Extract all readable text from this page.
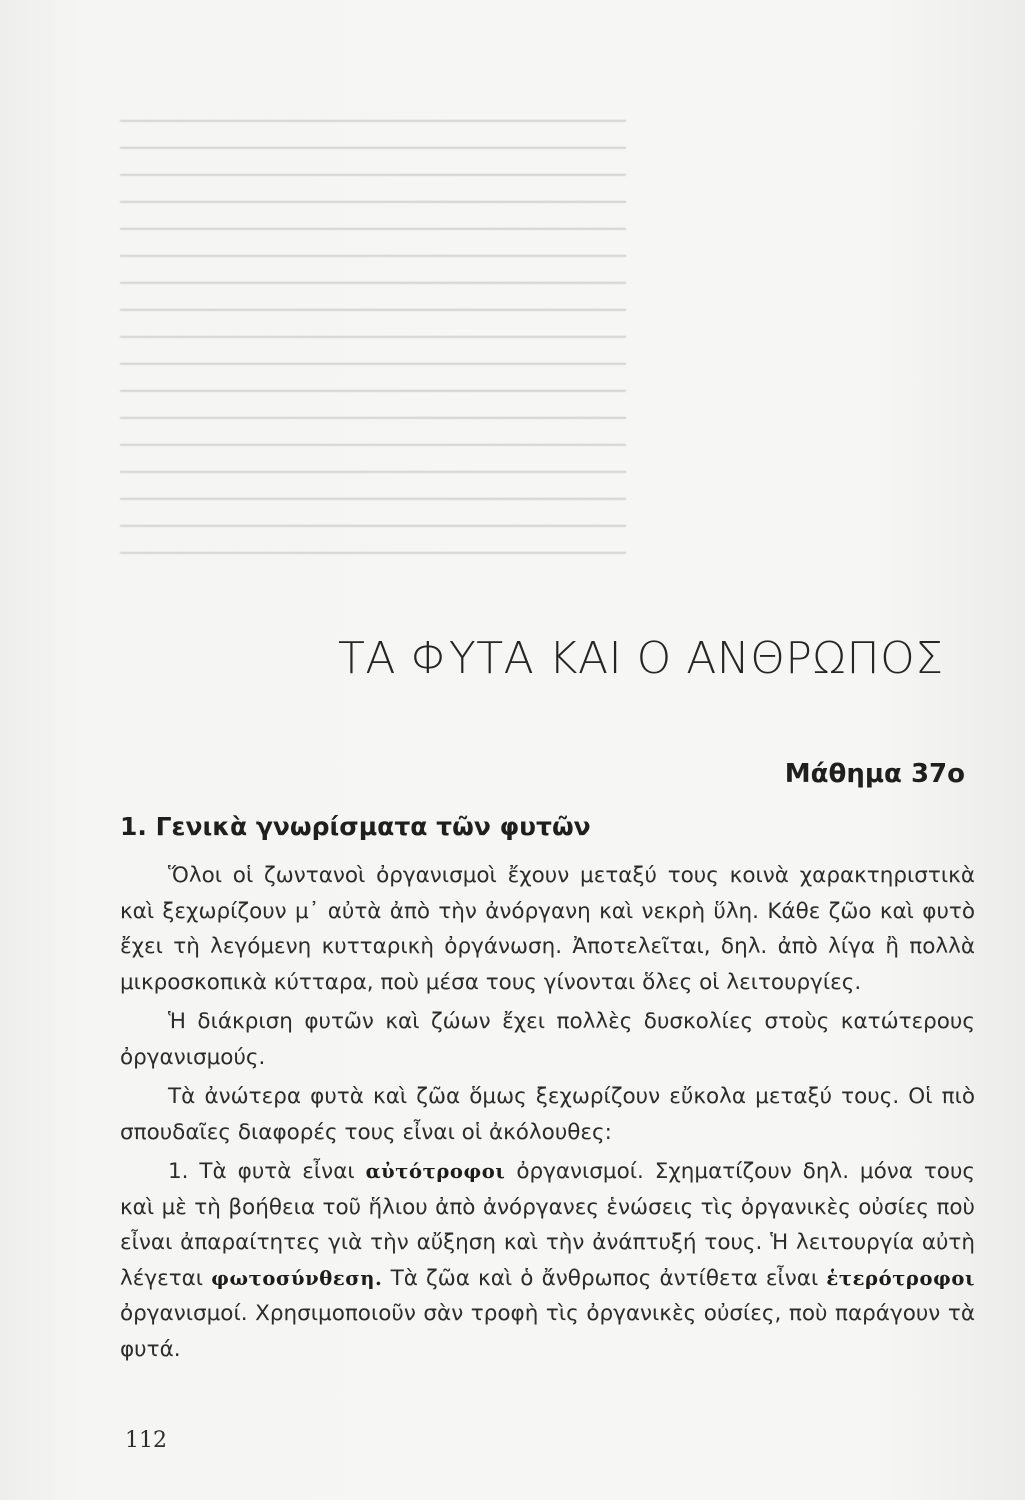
────────────────────────────────────────
────────────────────────────────────────
────────────────────────────────────────
────────────────────────────────────────
────────────────────────────────────────
────────────────────────────────────────
────────────────────────────────────────
────────────────────────────────────────
────────────────────────────────────────
────────────────────────────────────────
────────────────────────────────────────
────────────────────────────────────────
────────────────────────────────────────
────────────────────────────────────────
────────────────────────────────────────
────────────────────────────────────────
────────────────────────────────────────
ΤΑ ΦΥΤΑ ΚΑΙ Ο ΑΝΘΡΩΠΟΣ
Μάθημα 37ο
1. Γενικὰ γνωρίσματα τῶν φυτῶν

Ὅλοι οἱ ζωντανοὶ ὀργανισμοὶ ἔχουν μεταξύ τους κοινὰ χαρακτηριστικὰ καὶ ξεχωρίζουν μ᾽ αὐτὰ ἀπὸ τὴν ἀνόργανη καὶ νεκρὴ ὕλη. Κάθε ζῶο καὶ φυτὸ ἔχει τὴ λεγόμενη κυτταρικὴ ὀργάνωση. Ἀποτελεῖται, δηλ. ἀπὸ λίγα ἢ πολλὰ μικροσκοπικὰ κύτταρα, ποὺ μέσα τους γίνονται ὅλες οἱ λειτουργίες.

Ἡ διάκριση φυτῶν καὶ ζώων ἔχει πολλὲς δυσκολίες στοὺς κατώτερους ὀργανισμούς.

Τὰ ἀνώτερα φυτὰ καὶ ζῶα ὅμως ξεχωρίζουν εὔκολα μεταξύ τους. Οἱ πιὸ σπουδαῖες διαφορές τους εἶναι οἱ ἀκόλουθες:

1. Τὰ φυτὰ εἶναι αὐτότροφοι ὀργανισμοί. Σχηματίζουν δηλ. μόνα τους καὶ μὲ τὴ βοήθεια τοῦ ἥλιου ἀπὸ ἀνόργανες ἑνώσεις τὶς ὀργανικὲς οὐσίες ποὺ εἶναι ἀπαραίτητες γιὰ τὴν αὔξηση καὶ τὴν ἀνάπτυξή τους. Ἡ λειτουργία αὐτὴ λέγεται φωτοσύνθεση. Τὰ ζῶα καὶ ὁ ἄνθρωπος ἀντίθετα εἶναι ἑτερότροφοι ὀργανισμοί. Χρησιμοποιοῦν σὰν τροφὴ τὶς ὀργανικὲς οὐσίες, ποὺ παράγουν τὰ φυτά.

112
